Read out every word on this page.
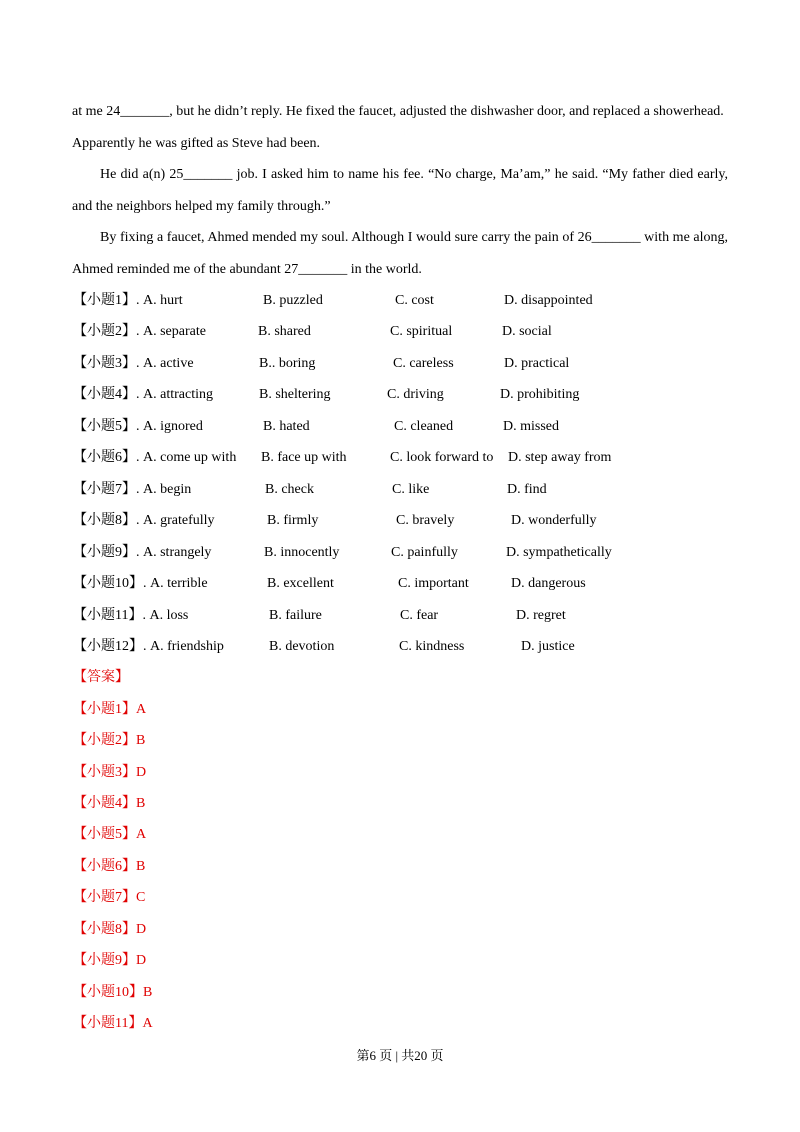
at me 24_______, but he didn’t reply. He fixed the faucet, adjusted the dishwasher door, and replaced a showerhead.
Apparently he was gifted as Steve had been.

He did a(n) 25_______ job. I asked him to name his fee. “No charge, Ma’am,” he said. “My father died early, and the neighbors helped my family through.”

By fixing a faucet, Ahmed mended my soul. Although I would sure carry the pain of 26_______ with me along, Ahmed reminded me of the abundant 27_______ in the world.

【小题1】. A. hurt	B. puzzled	C. cost	D. disappointed
【小题2】. A. separate	B. shared	C. spiritual	D. social
【小题3】. A. active	B.. boring	C. careless	D. practical
【小题4】. A. attracting	B. sheltering	C. driving	D. prohibiting
【小题5】. A. ignored	B. hated	C. cleaned	D. missed
【小题6】. A. come up with B. face up with	C. look forward to D. step away from
【小题7】. A. begin	B. check	C. like	D. find
【小题8】. A. gratefully	B. firmly	C. bravely	D. wonderfully
【小题9】. A. strangely	B. innocently	C. painfully	D. sympathetically
【小题10】. A. terrible	B. excellent	C. important	D. dangerous
【小题11】. A. loss	B. failure	C. fear	D. regret
【小题12】. A. friendship	B. devotion	C. kindness	D. justice
【答案】
【小题1】A
【小题2】B
【小题3】D
【小题4】B
【小题5】A
【小题6】B
【小题7】C
【小题8】D
【小题9】D
【小题10】B
【小题11】A
第6 页 | 共20 页
